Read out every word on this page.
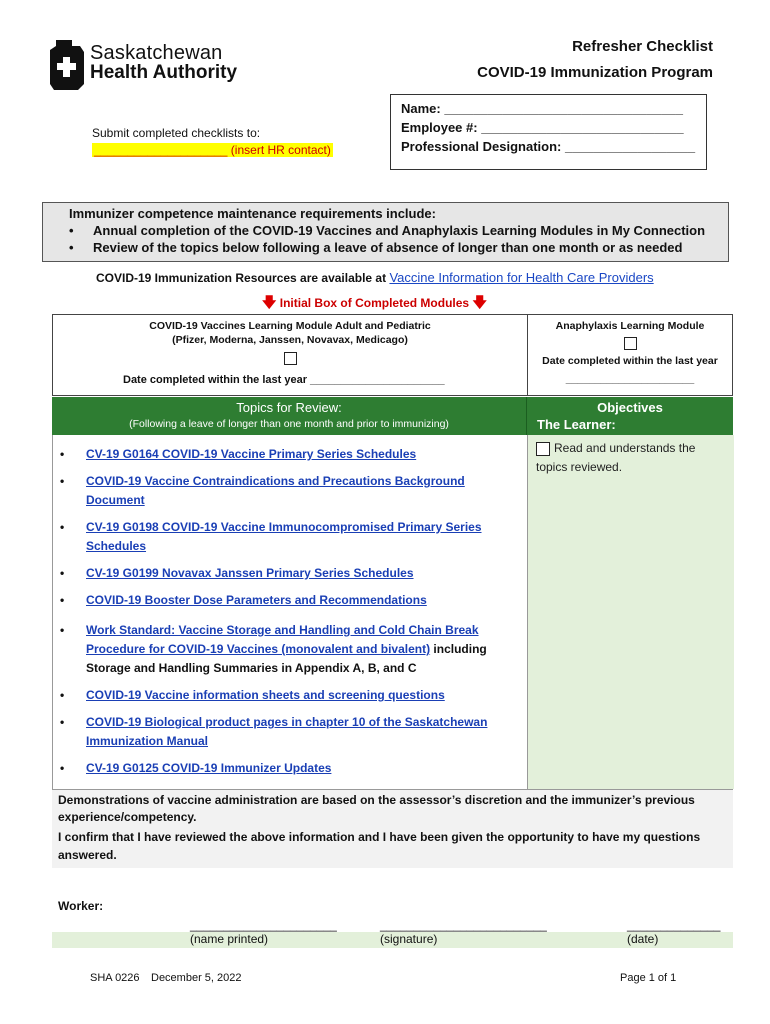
Saskatchewan
Health Authority
Refresher Checklist
COVID-19 Immunization Program
Submit completed checklists to:
____________________ (insert HR contact)
Name: _________________________________
Employee #: ____________________________
Professional Designation: __________________
Immunizer competence maintenance requirements include:
• Annual completion of the COVID-19 Vaccines and Anaphylaxis Learning Modules in My Connection
• Review of the topics below following a leave of absence of longer than one month or as needed
COVID-19 Immunization Resources are available at Vaccine Information for Health Care Providers
🡇 Initial Box of Completed Modules 🡇
COVID-19 Vaccines Learning Module Adult and Pediatric
(Pfizer, Moderna, Janssen, Novavax, Medicago)
Date completed within the last year ______________________
Anaphylaxis Learning Module
Date completed within the last year
______________________
Topics for Review:
(Following a leave of longer than one month and prior to immunizing)
Objectives
The Learner:
• CV-19 G0164 COVID-19 Vaccine Primary Series Schedules
• COVID-19 Vaccine Contraindications and Precautions Background
Document
• CV-19 G0198 COVID-19 Vaccine Immunocompromised Primary Series
Schedules
• CV-19 G0199 Novavax Janssen Primary Series Schedules
• COVID-19 Booster Dose Parameters and Recommendations
• Work Standard: Vaccine Storage and Handling and Cold Chain Break
Procedure for COVID-19 Vaccines (monovalent and bivalent) including
Storage and Handling Summaries in Appendix A, B, and C
• COVID-19 Vaccine information sheets and screening questions
• COVID-19 Biological product pages in chapter 10 of the Saskatchewan
Immunization Manual
• CV-19 G0125 COVID-19 Immunizer Updates
Read and understands the topics reviewed.
Demonstrations of vaccine administration are based on the assessor’s discretion and the immunizer’s previous experience/competency.
I confirm that I have reviewed the above information and I have been given the opportunity to have my questions answered.
Worker:
______________________	_________________________	______________
(name printed)	(signature)	(date)
SHA 0226 December 5, 2022	Page 1 of 1
